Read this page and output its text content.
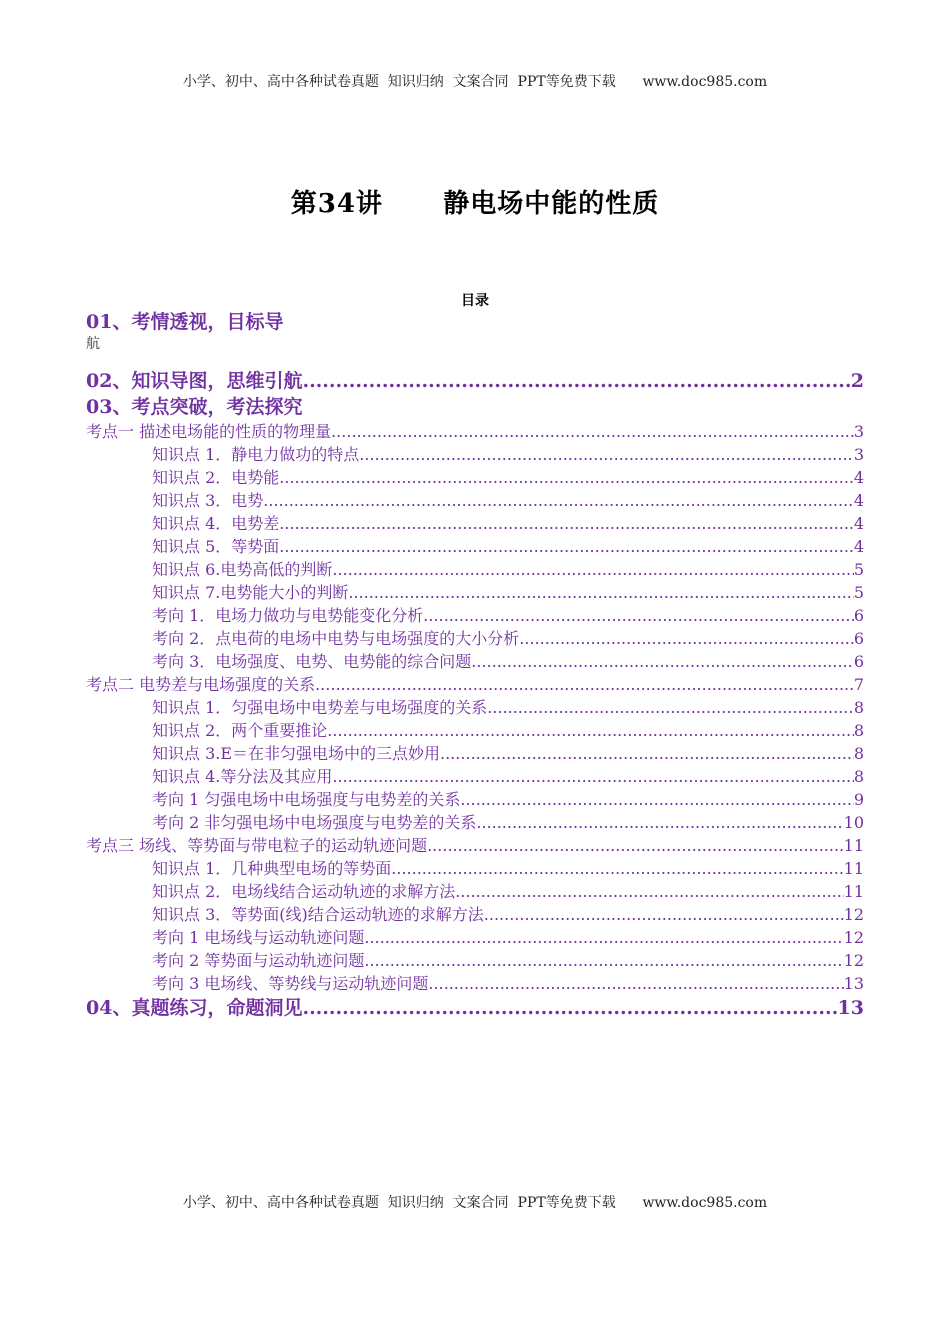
小学、初中、高中各种试卷真题  知识归纳  文案合同  PPT等免费下载      www.doc985.com
第34讲      静电场中能的性质
目录
01、考情透视，目标导
航
02、知识导图，思维引航 .....	2
03、考点突破，考法探究
考点一 描述电场能的性质的物理量 .....	3
知识点 1．静电力做功的特点 .....	3
知识点 2．电势能 .....	4
知识点 3．电势 .....	4
知识点 4．电势差 .....	4
知识点 5．等势面 .....	4
知识点 6.电势高低的判断 .....	5
知识点 7.电势能大小的判断 .....	5
考向 1．电场力做功与电势能变化分析 .....	6
考向 2．点电荷的电场中电势与电场强度的大小分析 .....	6
考向 3．电场强度、电势、电势能的综合问题 .....	6
考点二 电势差与电场强度的关系 .....	7
知识点 1．匀强电场中电势差与电场强度的关系 .....	8
知识点 2．两个重要推论 .....	8
知识点 3.E＝在非匀强电场中的三点妙用 .....	8
知识点 4.等分法及其应用 .....	8
考向 1 匀强电场中电场强度与电势差的关系 .....	9
考向 2 非匀强电场中电场强度与电势差的关系 .....	10
考点三 场线、等势面与带电粒子的运动轨迹问题 .....	11
知识点 1．几种典型电场的等势面 .....	11
知识点 2．电场线结合运动轨迹的求解方法 .....	11
知识点 3．等势面(线)结合运动轨迹的求解方法 .....	12
考向 1 电场线与运动轨迹问题 .....	12
考向 2 等势面与运动轨迹问题 .....	12
考向 3 电场线、等势线与运动轨迹问题 .....	13
04、真题练习，命题洞见 .....	13
小学、初中、高中各种试卷真题  知识归纳  文案合同  PPT等免费下载      www.doc985.com
